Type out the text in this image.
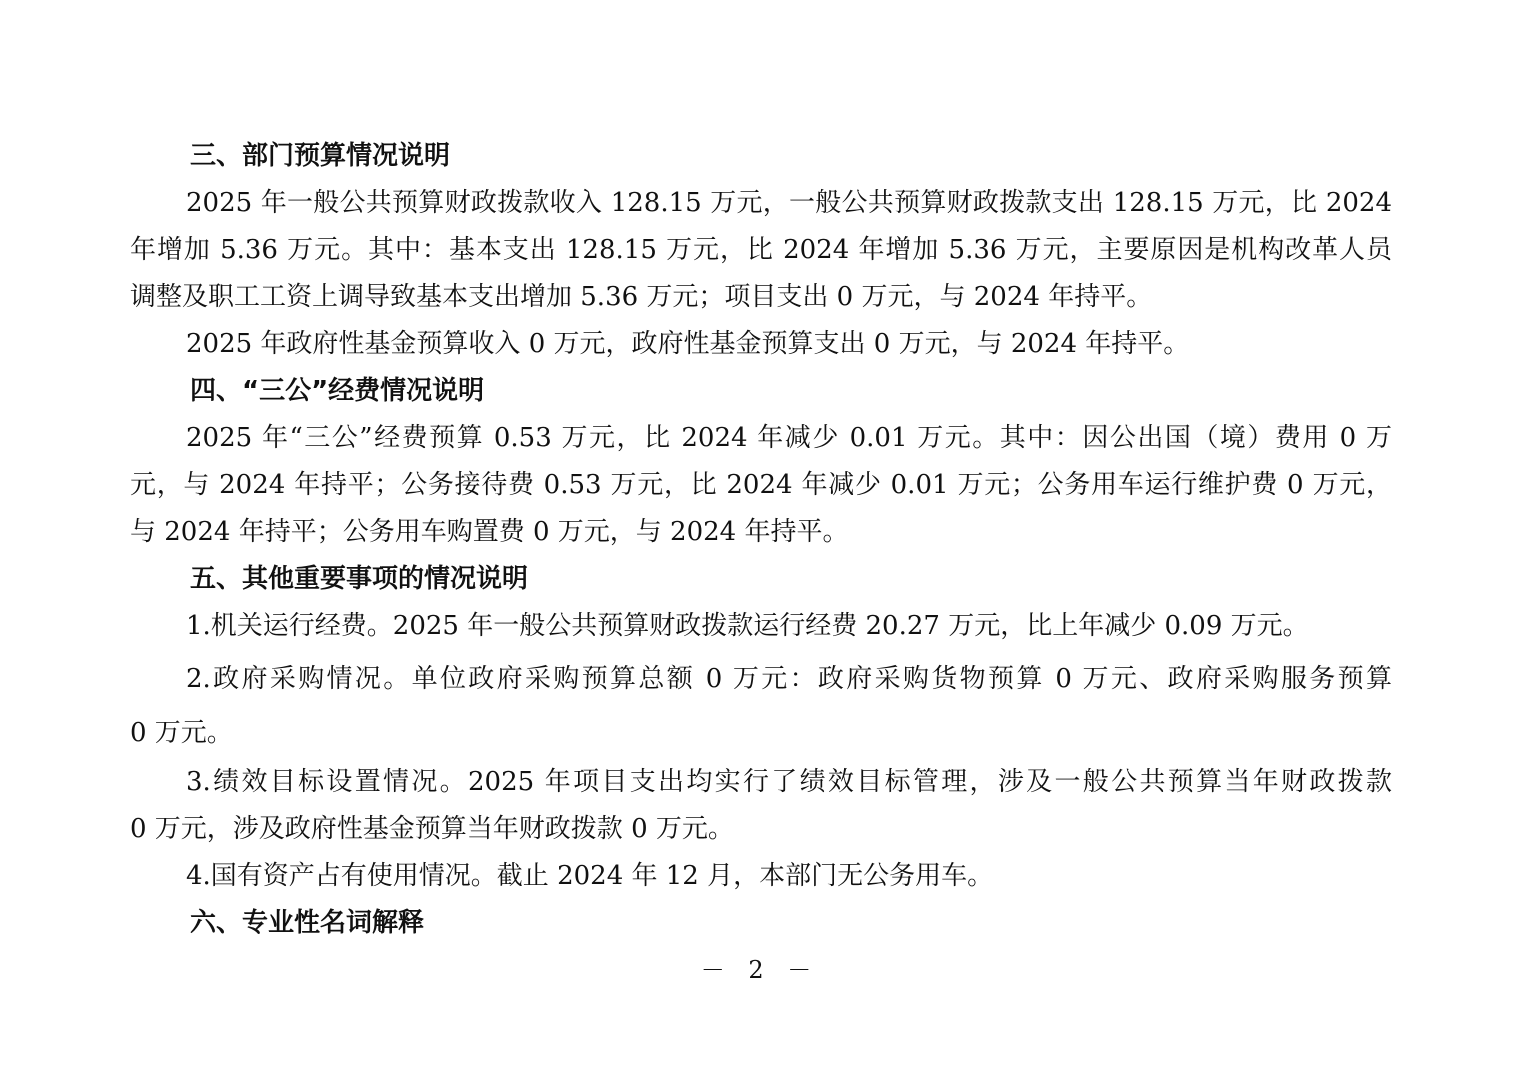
三、部门预算情况说明
2025 年一般公共预算财政拨款收入 128.15 万元，一般公共预算财政拨款支出 128.15 万元，比 2024
年增加 5.36 万元。其中：基本支出 128.15 万元，比 2024 年增加 5.36 万元，主要原因是机构改革人员
调整及职工工资上调导致基本支出增加 5.36 万元；项目支出 0 万元，与 2024 年持平。
2025 年政府性基金预算收入 0 万元，政府性基金预算支出 0 万元，与 2024 年持平。
四、“三公”经费情况说明
2025 年“三公”经费预算 0.53 万元，比 2024 年减少 0.01 万元。其中：因公出国（境）费用 0 万
元，与 2024 年持平；公务接待费 0.53 万元，比 2024 年减少 0.01 万元；公务用车运行维护费 0 万元，
与 2024 年持平；公务用车购置费 0 万元，与 2024 年持平。
五、其他重要事项的情况说明
1.机关运行经费。2025 年一般公共预算财政拨款运行经费 20.27 万元，比上年减少 0.09 万元。
2.政府采购情况。单位政府采购预算总额 0 万元：政府采购货物预算 0 万元、政府采购服务预算
0 万元。
3.绩效目标设置情况。2025 年项目支出均实行了绩效目标管理，涉及一般公共预算当年财政拨款
0 万元，涉及政府性基金预算当年财政拨款 0 万元。
4.国有资产占有使用情况。截止 2024 年 12 月，本部门无公务用车。
六、专业性名词解释
－ 2 －
